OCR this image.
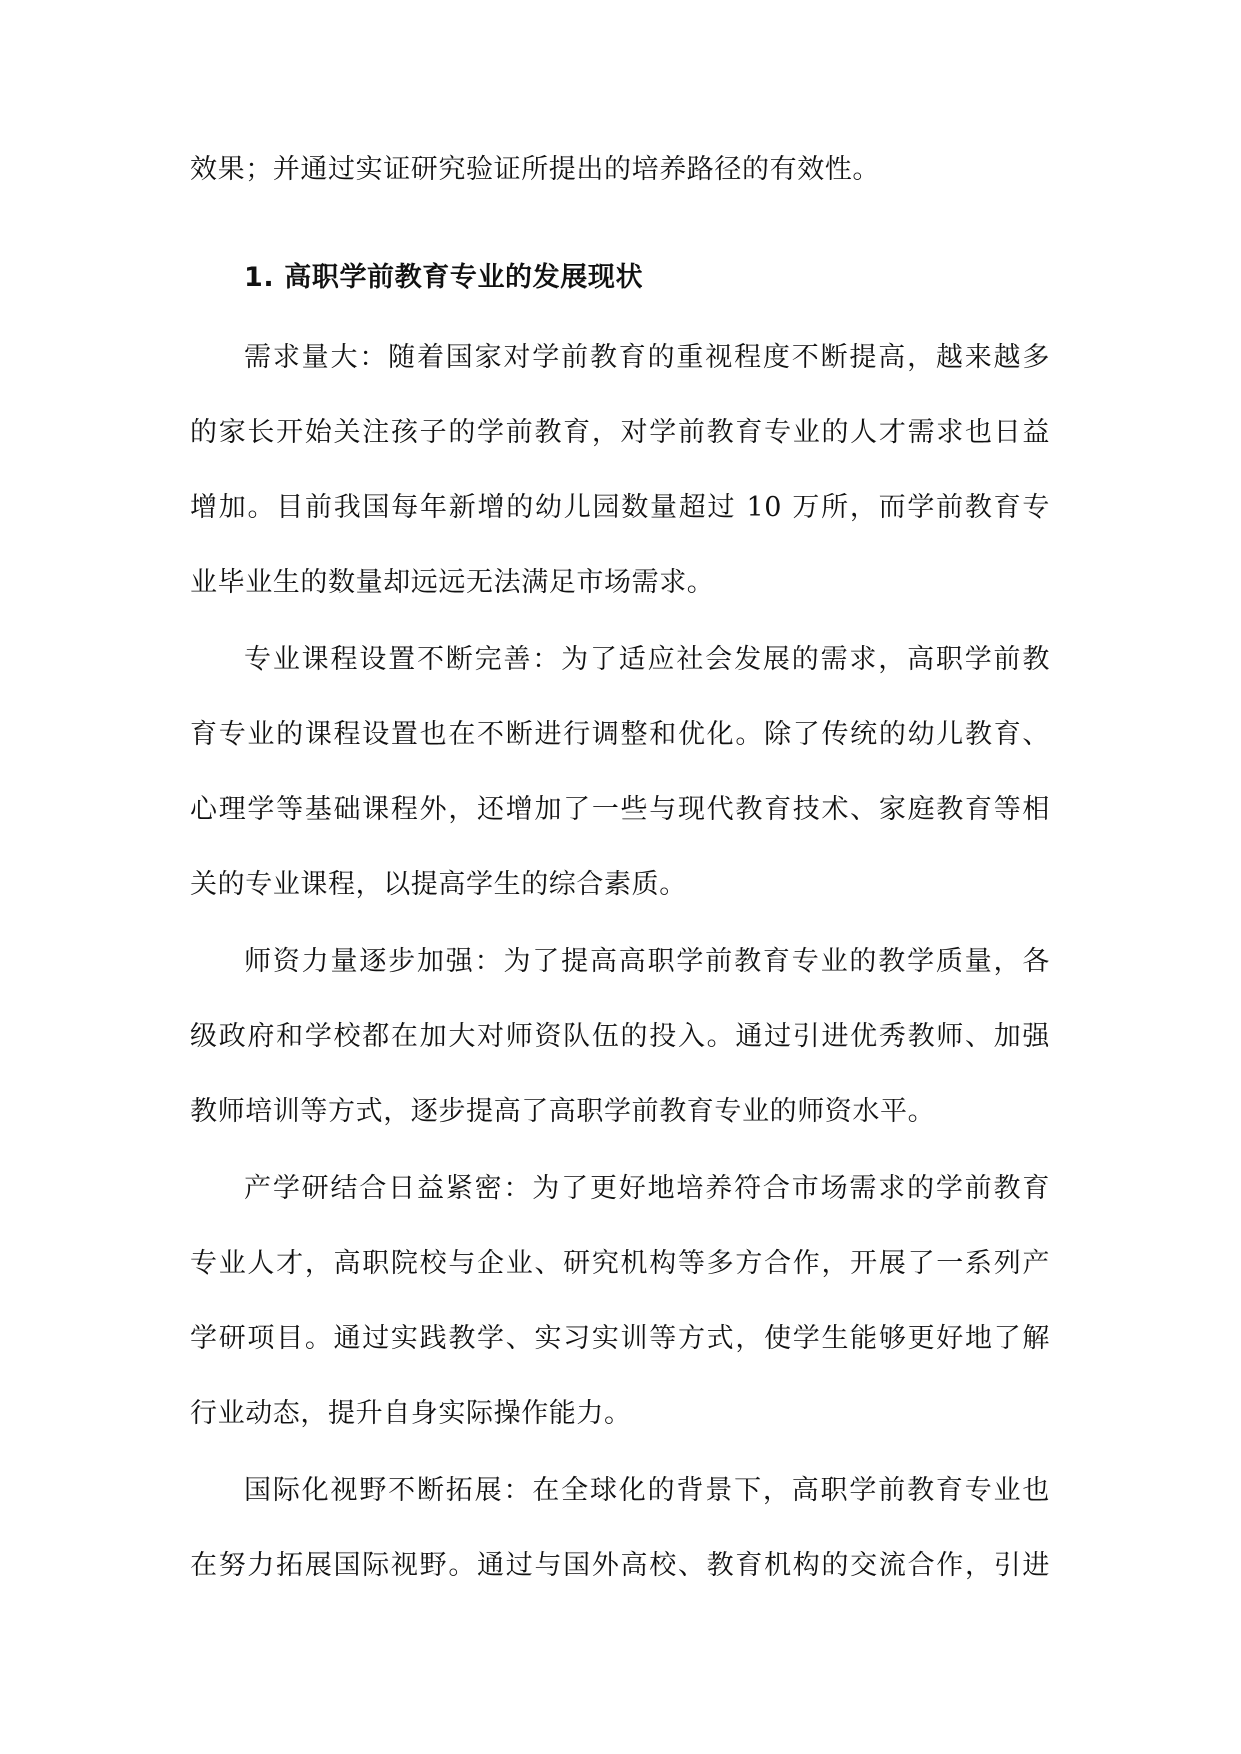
效果；并通过实证研究验证所提出的培养路径的有效性。
1. 高职学前教育专业的发展现状
需求量大：随着国家对学前教育的重视程度不断提高，越来越多
的家长开始关注孩子的学前教育，对学前教育专业的人才需求也日益
增加。目前我国每年新增的幼儿园数量超过 10 万所，而学前教育专
业毕业生的数量却远远无法满足市场需求。
专业课程设置不断完善：为了适应社会发展的需求，高职学前教
育专业的课程设置也在不断进行调整和优化。除了传统的幼儿教育、
心理学等基础课程外，还增加了一些与现代教育技术、家庭教育等相
关的专业课程，以提高学生的综合素质。
师资力量逐步加强：为了提高高职学前教育专业的教学质量，各
级政府和学校都在加大对师资队伍的投入。通过引进优秀教师、加强
教师培训等方式，逐步提高了高职学前教育专业的师资水平。
产学研结合日益紧密：为了更好地培养符合市场需求的学前教育
专业人才，高职院校与企业、研究机构等多方合作，开展了一系列产
学研项目。通过实践教学、实习实训等方式，使学生能够更好地了解
行业动态，提升自身实际操作能力。
国际化视野不断拓展：在全球化的背景下，高职学前教育专业也
在努力拓展国际视野。通过与国外高校、教育机构的交流合作，引进
